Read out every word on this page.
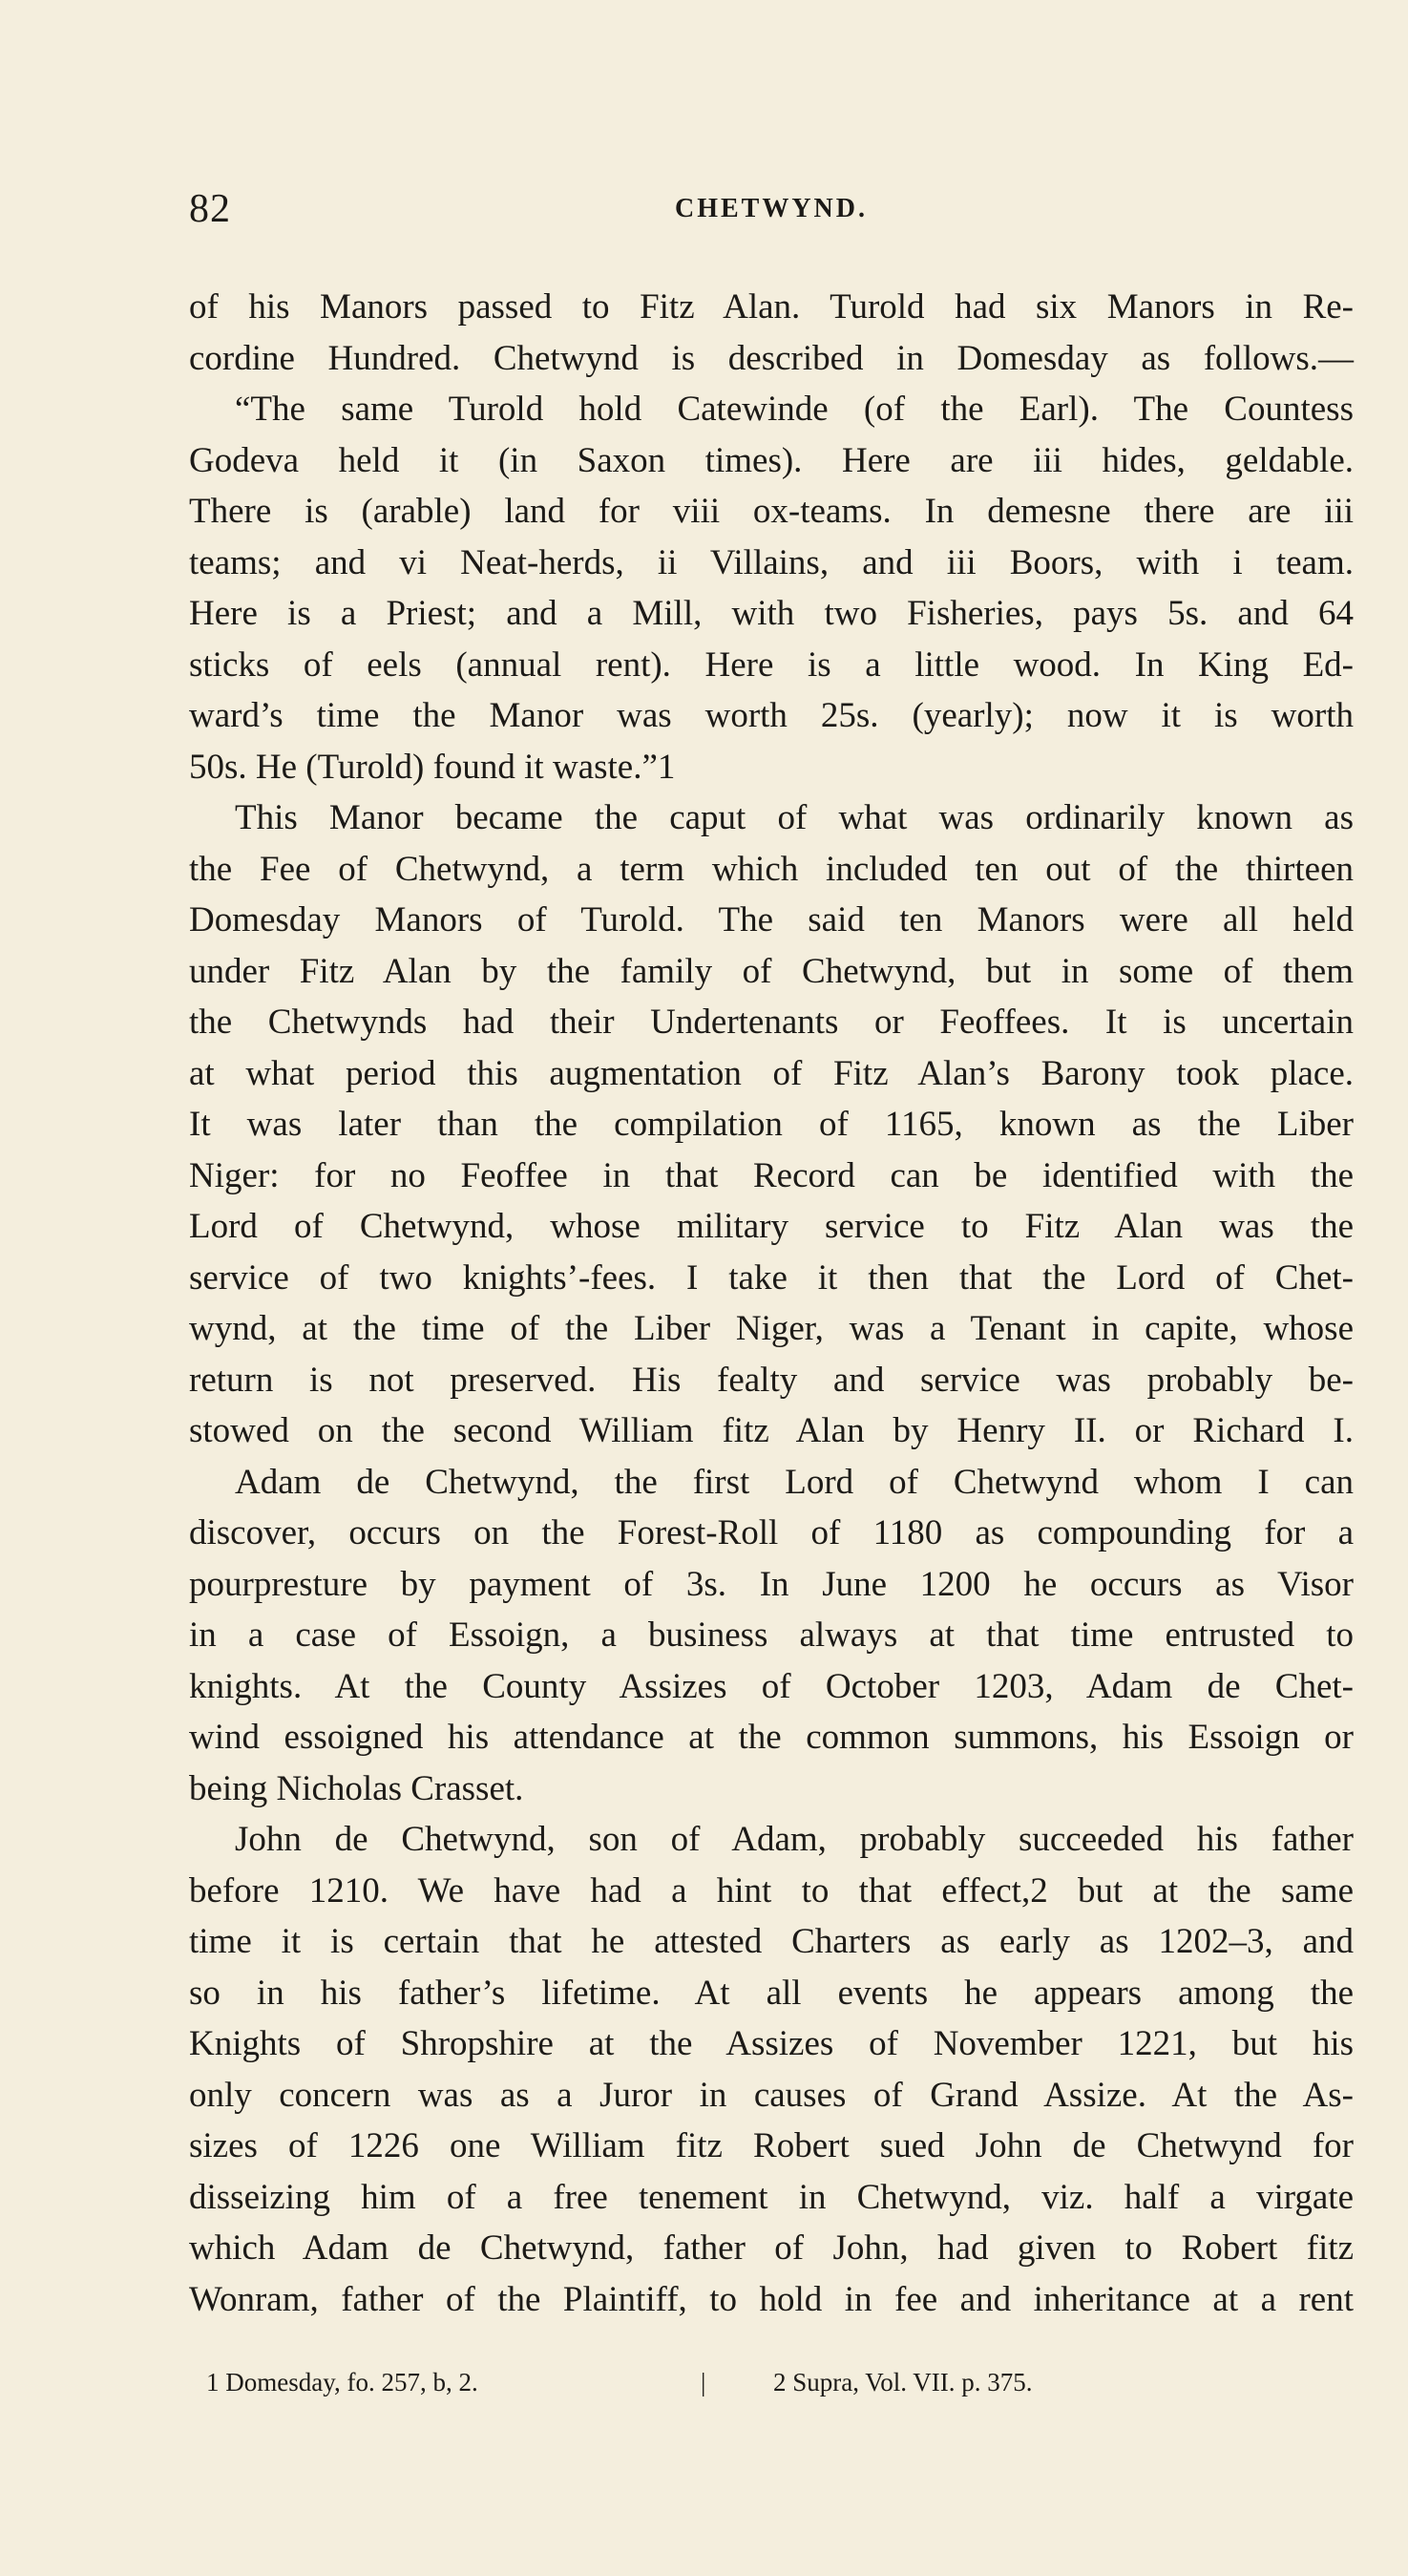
82	CHETWYND.
of his Manors passed to Fitz Alan. Turold had six Manors in Re-
cordine Hundred. Chetwynd is described in Domesday as follows.—
“The same Turold hold Catewinde (of the Earl). The Countess
Godeva held it (in Saxon times). Here are iii hides, geldable.
There is (arable) land for viii ox-teams. In demesne there are iii
teams; and vi Neat-herds, ii Villains, and iii Boors, with i team.
Here is a Priest; and a Mill, with two Fisheries, pays 5s. and 64
sticks of eels (annual rent). Here is a little wood. In King Ed-
ward’s time the Manor was worth 25s. (yearly); now it is worth
50s. He (Turold) found it waste.”1
This Manor became the caput of what was ordinarily known as
the Fee of Chetwynd, a term which included ten out of the thirteen
Domesday Manors of Turold. The said ten Manors were all held
under Fitz Alan by the family of Chetwynd, but in some of them
the Chetwynds had their Undertenants or Feoffees. It is uncertain
at what period this augmentation of Fitz Alan’s Barony took place.
It was later than the compilation of 1165, known as the Liber
Niger: for no Feoffee in that Record can be identified with the
Lord of Chetwynd, whose military service to Fitz Alan was the
service of two knights’-fees. I take it then that the Lord of Chet-
wynd, at the time of the Liber Niger, was a Tenant in capite, whose
return is not preserved. His fealty and service was probably be-
stowed on the second William fitz Alan by Henry II. or Richard I.
Adam de Chetwynd, the first Lord of Chetwynd whom I can
discover, occurs on the Forest-Roll of 1180 as compounding for a
pourpresture by payment of 3s. In June 1200 he occurs as Visor
in a case of Essoign, a business always at that time entrusted to
knights. At the County Assizes of October 1203, Adam de Chet-
wind essoigned his attendance at the common summons, his Essoign or
being Nicholas Crasset.
John de Chetwynd, son of Adam, probably succeeded his father
before 1210. We have had a hint to that effect,2 but at the same
time it is certain that he attested Charters as early as 1202–3, and
so in his father’s lifetime. At all events he appears among the
Knights of Shropshire at the Assizes of November 1221, but his
only concern was as a Juror in causes of Grand Assize. At the As-
sizes of 1226 one William fitz Robert sued John de Chetwynd for
disseizing him of a free tenement in Chetwynd, viz. half a virgate
which Adam de Chetwynd, father of John, had given to Robert fitz
Wonram, father of the Plaintiff, to hold in fee and inheritance at a rent
1 Domesday, fo. 257, b, 2.	|	2 Supra, Vol. VII. p. 375.
